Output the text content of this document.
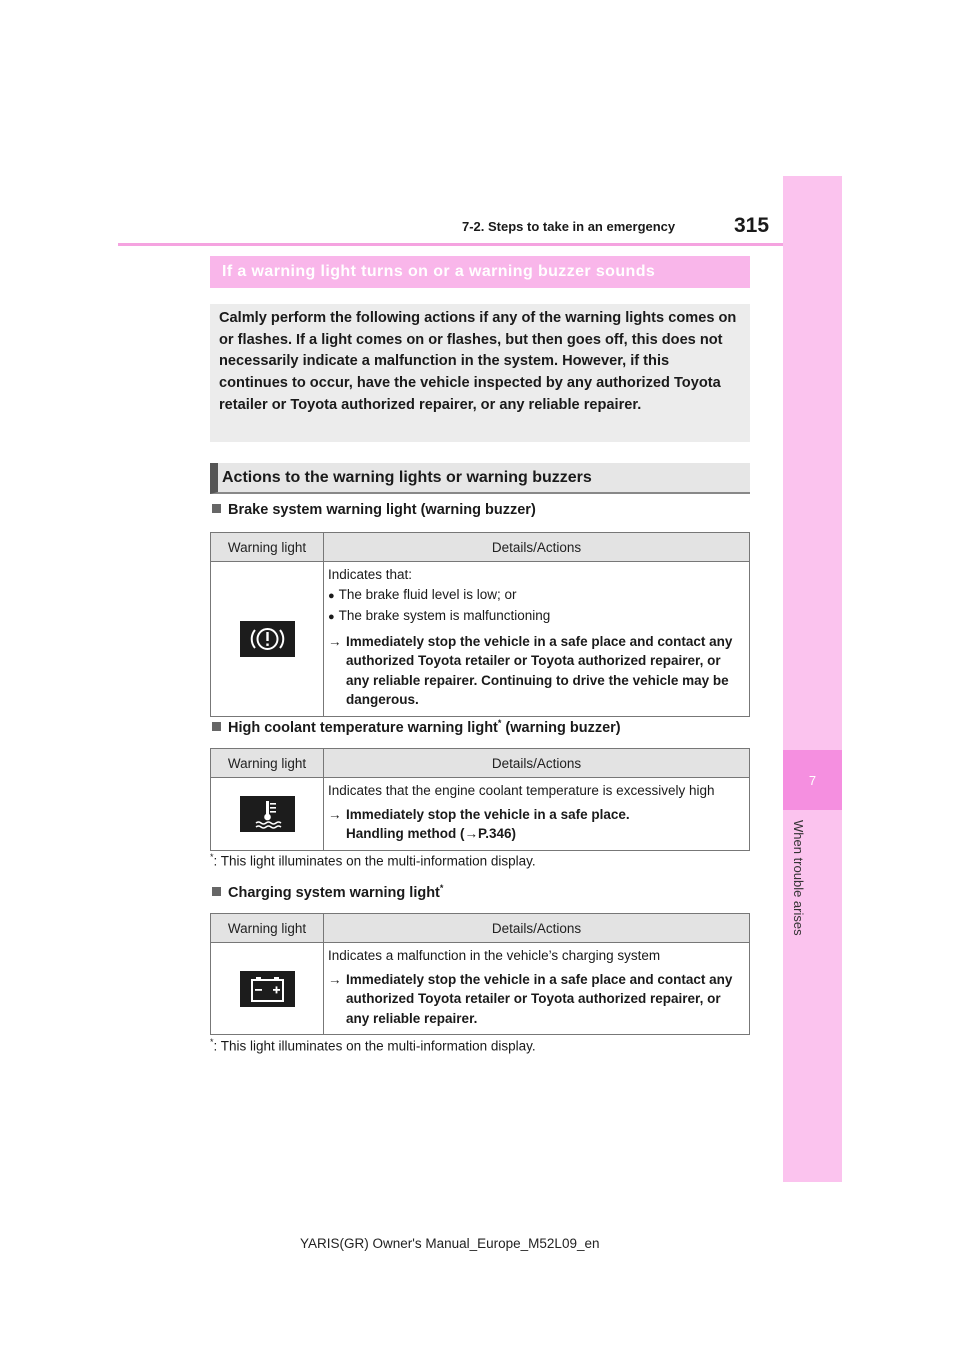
7
When trouble arises
7-2. Steps to take in an emergency	315
If a warning light turns on or a warning buzzer sounds
Calmly perform the following actions if any of the warning lights comes on or flashes. If a light comes on or flashes, but then goes off, this does not necessarily indicate a malfunction in the system. However, if this continues to occur, have the vehicle inspected by any authorized Toyota retailer or Toyota authorized repairer, or any reliable repairer.
Actions to the warning lights or warning buzzers
Brake system warning light (warning buzzer)
Warning light	Details/Actions

Indicates that:
● The brake fluid level is low; or
● The brake system is malfunctioning
→ Immediately stop the vehicle in a safe place and contact any authorized Toyota retailer or Toyota authorized repairer, or any reliable repairer. Continuing to drive the vehicle may be dangerous.
High coolant temperature warning light* (warning buzzer)
Warning light	Details/Actions

Indicates that the engine coolant temperature is excessively high
→ Immediately stop the vehicle in a safe place.
Handling method (→P.346)
*: This light illuminates on the multi-information display.
Charging system warning light*
Warning light	Details/Actions

Indicates a malfunction in the vehicle’s charging system
→ Immediately stop the vehicle in a safe place and contact any authorized Toyota retailer or Toyota authorized repairer, or any reliable repairer.
*: This light illuminates on the multi-information display.
YARIS(GR) Owner's Manual_Europe_M52L09_en
